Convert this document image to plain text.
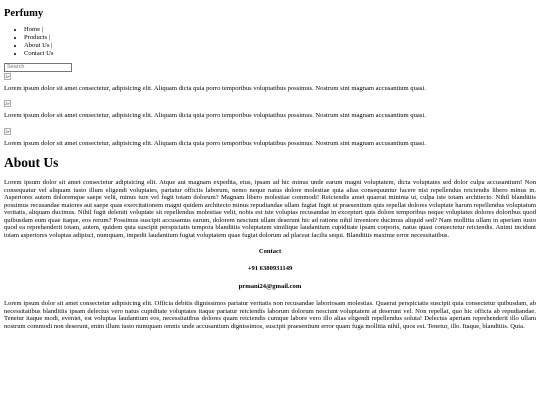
Perfumy
• Home |
• Products |
• About Us |
• Contact Us
Search

Lorem ipsum dolor sit amet consectetur, adipisicing elit. Aliquam dicta quia porro temporibus voluptatibus possimus. Nostrum sint magnam accusantium quasi.

Lorem ipsum dolor sit amet consectetur, adipisicing elit. Aliquam dicta quia porro temporibus voluptatibus possimus. Nostrum sint magnam accusantium quasi.

Lorem ipsum dolor sit amet consectetur, adipisicing elit. Aliquam dicta quia porro temporibus voluptatibus possimus. Nostrum sint magnam accusantium quasi.

About Us

Lorem ipsum dolor sit amet consectetur adipisicing elit. Atque aut magnam expedita, eius, ipsam ad hic minus unde earum magni voluptatem, dicta voluptates sed dolor culpa accusantium! Non consequatur vel aliquam iusto illum eligendi voluptates, pariatur officiis laborum, nemo neque natus dolore molestiae quia alias consequuntur facere nisi repellendus reiciendis libero minus in. Asperiores autem doloremque saepe velit, minus iure vel fugit totam dolorum? Magnam libero molestiae commodi! Reiciendis amet quaerat minima ut, culpa iste totam architecto. Nihil blanditiis possimus recusandae maiores aut saepe quas exercitationem magni quidem architecto minus repudiandae ullam fugiat fugit ut praesentium quis repellat dolores voluptate harum repellendus voluptatum veritatis, aliquam ducimus. Nihil fugit deleniti voluptate sit repellendus molestiae velit, nobis est iste voluptas recusandae in excepturi quis dolore temporibus neque voluptates dolores doloribus quod quibusdam eum quae itaque, eos rerum? Possimus suscipit accusamus earum, dolorem nesciunt ullam deserunt hic ad ratione nihil inventore ducimus aliquid sed? Nam mollitia ullam in aperiam iusto quod ea reprehenderit totam, autem, quidem quia suscipit perspiciatis tempora blanditiis voluptatem similique laudantium cupiditate ipsam corporis, natus quasi consectetur reiciendis. Animi incidunt totam asperiores voluptas adipisci, numquam, impedit laudantium fugiat voluptatem quae fugiat dolorum ad placeat facilis sequi. Blanditiis maxime error necessitatibus.

Contact
+91 6380931149
prmani24@gmail.com

Lorem ipsum dolor sit amet consectetur adipisicing elit. Officia debitis dignissimos pariatur veritatis non recusandae laboriosam molestias. Quaerat perspiciatis suscipit quia consectetur quibusdam, ab necessitatibus blanditiis ipsam delectus vero natus cupiditate voluptates itaque pariatur reiciendis laborum dolorum nesciunt voluptatem at deserunt vel. Non repellat, quo hic officia ab repudiandae. Tenetur itaque modi, eveniet, est voluptas laudantium eos, necessitatibus dolores quam reiciendis cumque labore vero illo alias eligendi repellendus soluta! Delectus aperiam reprehenderit illo ullam nostrum commodi non deserunt, enim illum iusto numquam omnis unde accusantium dignissimos, suscipit praesentium error quam fuga mollitia nihil, quos est. Tenetur, illo. Itaque, blanditiis. Quia.
